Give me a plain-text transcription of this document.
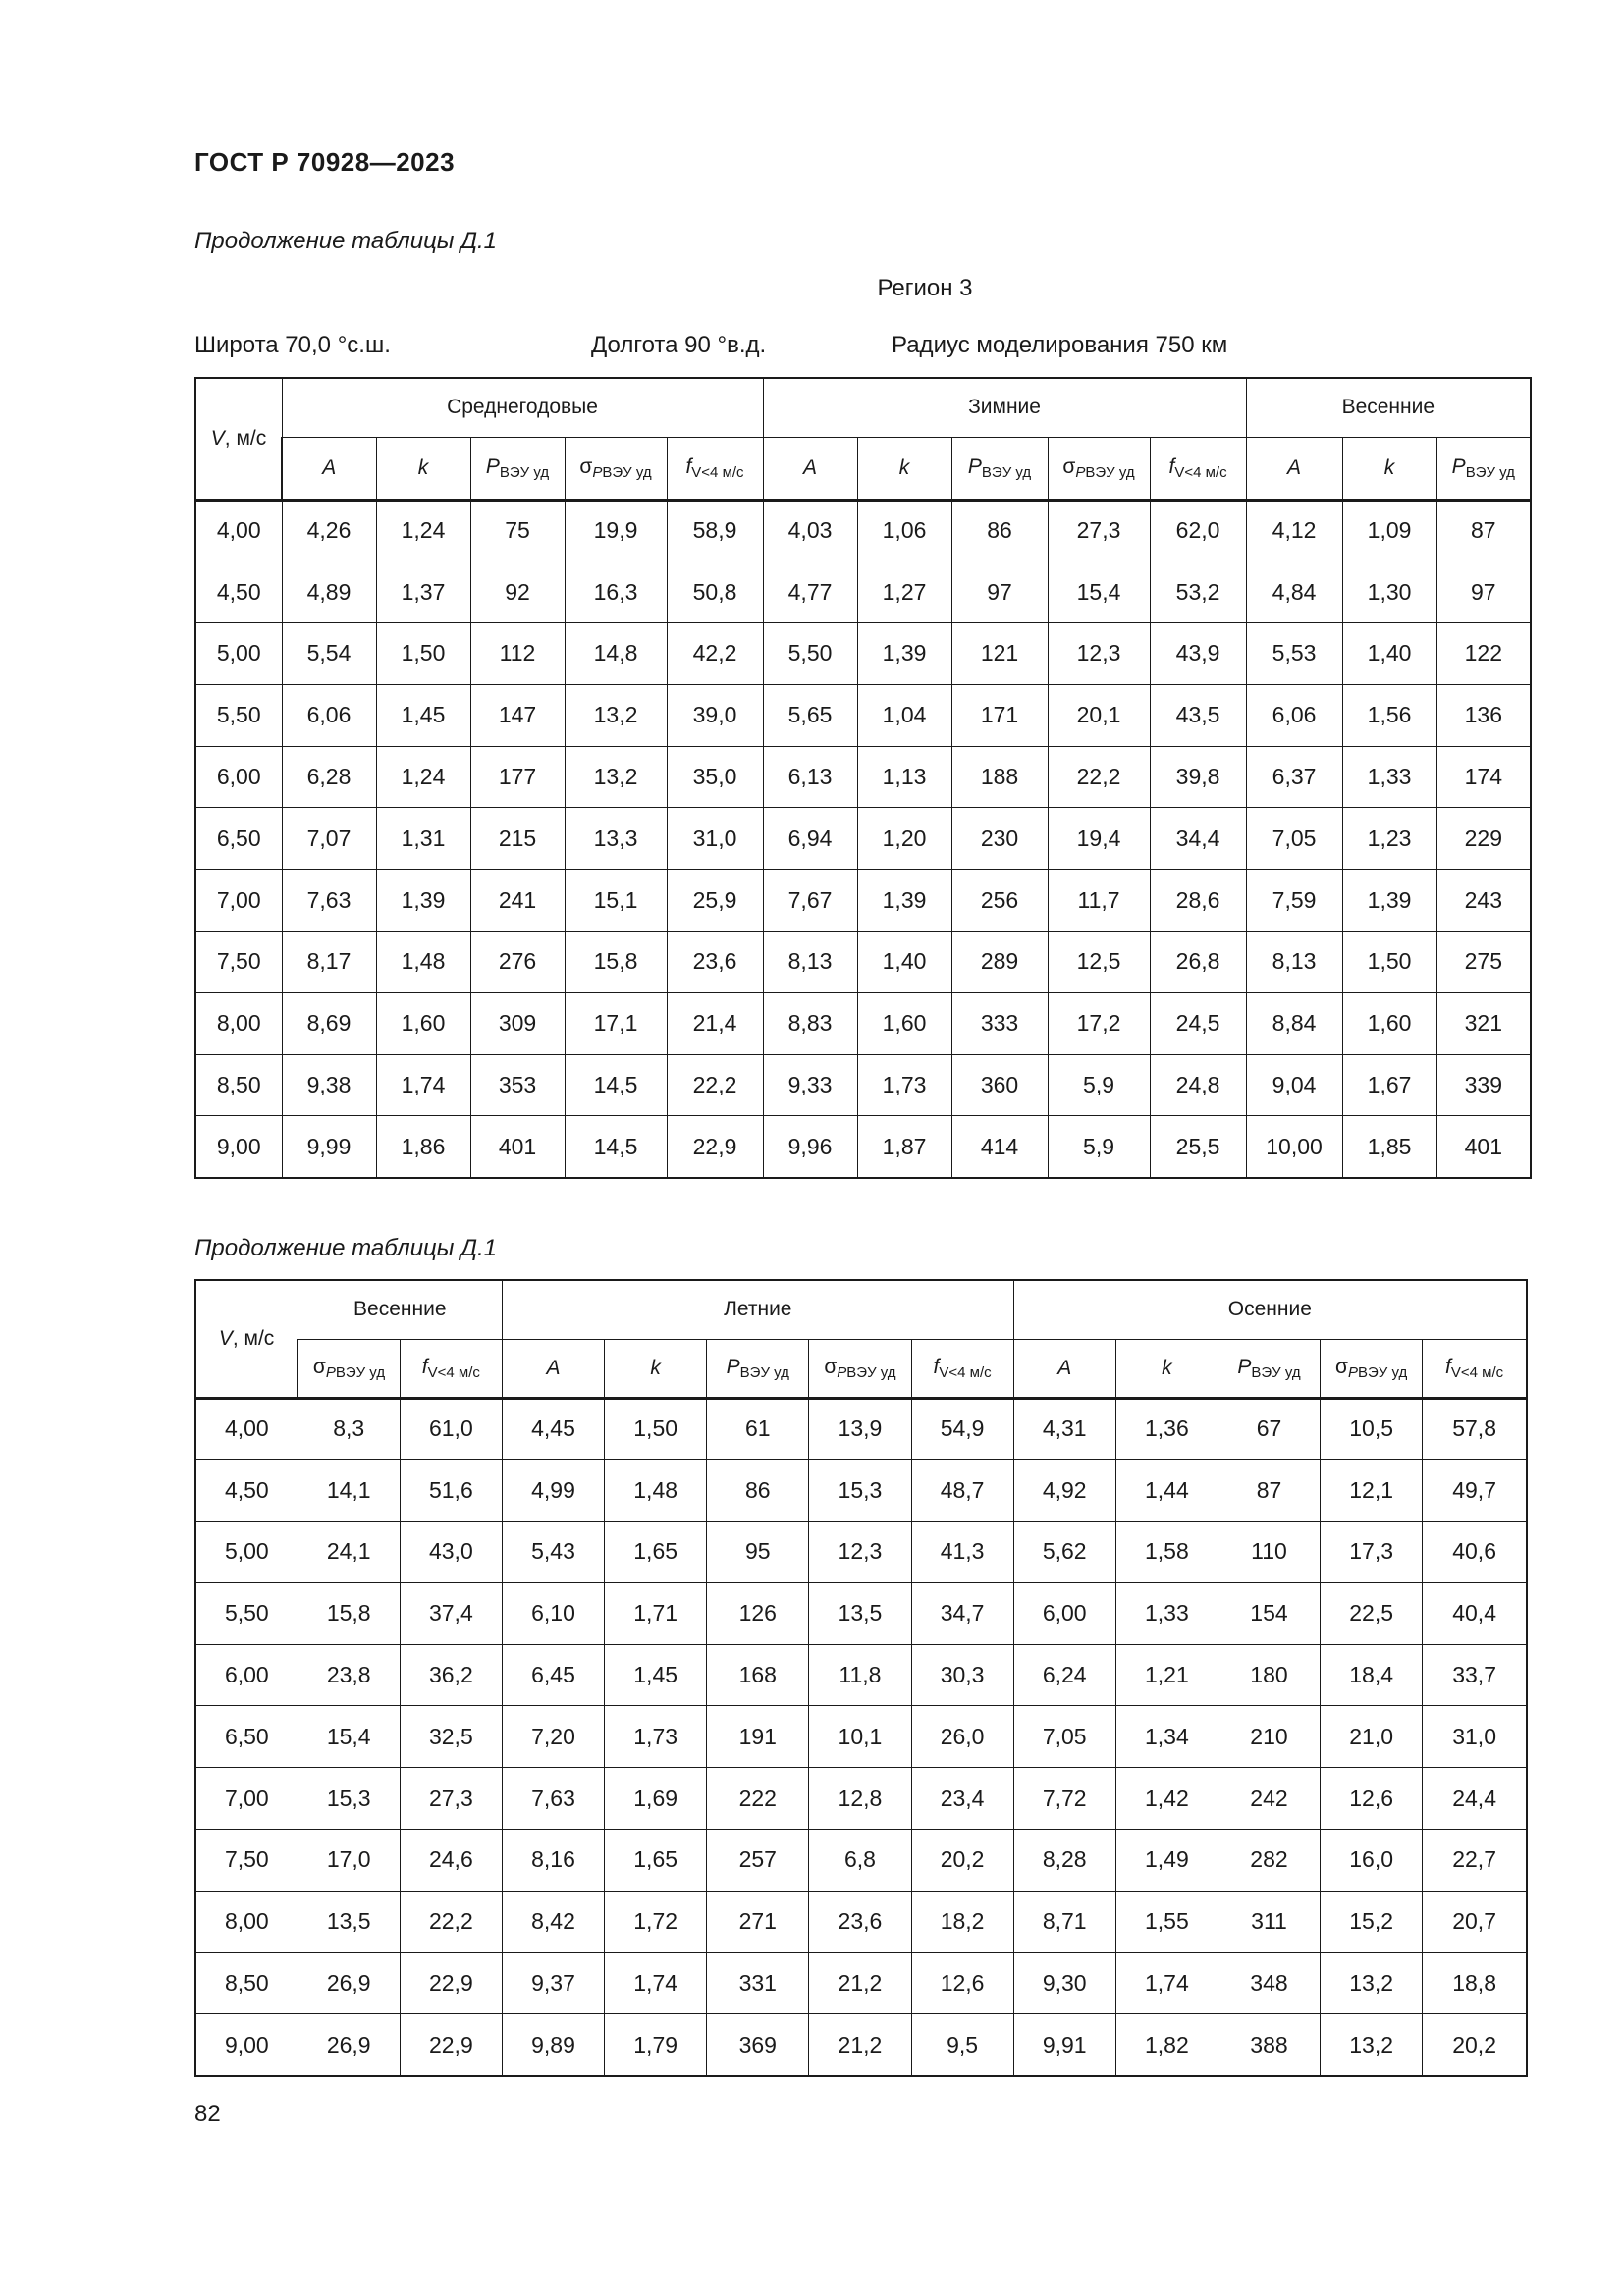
ГОСТ Р 70928—2023
Продолжение таблицы Д.1
Регион 3
Широта 70,0 °с.ш.	Долгота 90 °в.д.	Радиус моделирования 750 км
V, м/с	Среднегодовые					Зимние					Весенние		
	A	k	$P_{ВЭУ уд}$	$\sigma_{PВЭУ уд}$	$f_{V<4 м/с}$	A	k	$P_{ВЭУ уд}$	$\sigma_{PВЭУ уд}$	$f_{V<4 м/с}$	A	k	$P_{ВЭУ уд}$
4,00	4,26	1,24	75	19,9	58,9	4,03	1,06	86	27,3	62,0	4,12	1,09	87
4,50	4,89	1,37	92	16,3	50,8	4,77	1,27	97	15,4	53,2	4,84	1,30	97
5,00	5,54	1,50	112	14,8	42,2	5,50	1,39	121	12,3	43,9	5,53	1,40	122
5,50	6,06	1,45	147	13,2	39,0	5,65	1,04	171	20,1	43,5	6,06	1,56	136
6,00	6,28	1,24	177	13,2	35,0	6,13	1,13	188	22,2	39,8	6,37	1,33	174
6,50	7,07	1,31	215	13,3	31,0	6,94	1,20	230	19,4	34,4	7,05	1,23	229
7,00	7,63	1,39	241	15,1	25,9	7,67	1,39	256	11,7	28,6	7,59	1,39	243
7,50	8,17	1,48	276	15,8	23,6	8,13	1,40	289	12,5	26,8	8,13	1,50	275
8,00	8,69	1,60	309	17,1	21,4	8,83	1,60	333	17,2	24,5	8,84	1,60	321
8,50	9,38	1,74	353	14,5	22,2	9,33	1,73	360	5,9	24,8	9,04	1,67	339
9,00	9,99	1,86	401	14,5	22,9	9,96	1,87	414	5,9	25,5	10,00	1,85	401
Продолжение таблицы Д.1
V, м/с	Весенние		Летние					Осенние				
	$\sigma_{PВЭУ уд}$	$f_{V<4 м/с}$	A	k	$P_{ВЭУ уд}$	$\sigma_{PВЭУ уд}$	$f_{V<4 м/с}$	A	k	$P_{ВЭУ уд}$	$\sigma_{PВЭУ уд}$	$f_{V<4 м/с}$
4,00	8,3	61,0	4,45	1,50	61	13,9	54,9	4,31	1,36	67	10,5	57,8
4,50	14,1	51,6	4,99	1,48	86	15,3	48,7	4,92	1,44	87	12,1	49,7
5,00	24,1	43,0	5,43	1,65	95	12,3	41,3	5,62	1,58	110	17,3	40,6
5,50	15,8	37,4	6,10	1,71	126	13,5	34,7	6,00	1,33	154	22,5	40,4
6,00	23,8	36,2	6,45	1,45	168	11,8	30,3	6,24	1,21	180	18,4	33,7
6,50	15,4	32,5	7,20	1,73	191	10,1	26,0	7,05	1,34	210	21,0	31,0
7,00	15,3	27,3	7,63	1,69	222	12,8	23,4	7,72	1,42	242	12,6	24,4
7,50	17,0	24,6	8,16	1,65	257	6,8	20,2	8,28	1,49	282	16,0	22,7
8,00	13,5	22,2	8,42	1,72	271	23,6	18,2	8,71	1,55	311	15,2	20,7
8,50	26,9	22,9	9,37	1,74	331	21,2	12,6	9,30	1,74	348	13,2	18,8
9,00	26,9	22,9	9,89	1,79	369	21,2	9,5	9,91	1,82	388	13,2	20,2
82
